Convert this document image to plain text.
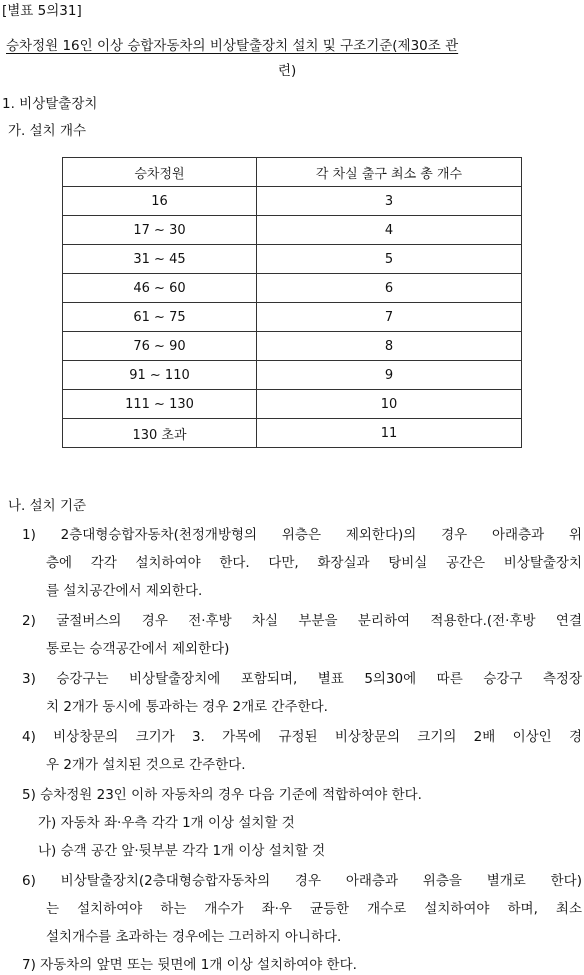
[별표 5의31]
승차정원 16인 이상 승합자동차의 비상탈출장치 설치 및 구조기준(제30조 관
련)
1. 비상탈출장치
가. 설치 개수
승차정원	각 차실 출구 최소 총 개수
16	3
17 ~ 30	4
31 ~ 45	5
46 ~ 60	6
61 ~ 75	7
76 ~ 90	8
91 ~ 110	9
111 ~ 130	10
130 초과	11
나. 설치 기준
1) 2층대형승합자동차(천정개방형의 위층은 제외한다)의 경우 아래층과 위
층에 각각 설치하여야 한다. 다만, 화장실과 탕비실 공간은 비상탈출장치
를 설치공간에서 제외한다.
2) 굴절버스의 경우 전·후방 차실 부분을 분리하여 적용한다.(전·후방 연결
통로는 승객공간에서 제외한다)
3) 승강구는 비상탈출장치에 포함되며, 별표 5의30에 따른 승강구 측정장
치 2개가 동시에 통과하는 경우 2개로 간주한다.
4) 비상창문의 크기가 3. 가목에 규정된 비상창문의 크기의 2배 이상인 경
우 2개가 설치된 것으로 간주한다.
5) 승차정원 23인 이하 자동차의 경우 다음 기준에 적합하여야 한다.
가) 자동차 좌·우측 각각 1개 이상 설치할 것
나) 승객 공간 앞·뒷부분 각각 1개 이상 설치할 것
6) 비상탈출장치(2층대형승합자동차의 경우 아래층과 위층을 별개로 한다)
는 설치하여야 하는 개수가 좌·우 균등한 개수로 설치하여야 하며, 최소
설치개수를 초과하는 경우에는 그러하지 아니하다.
7) 자동차의 앞면 또는 뒷면에 1개 이상 설치하여야 한다.
